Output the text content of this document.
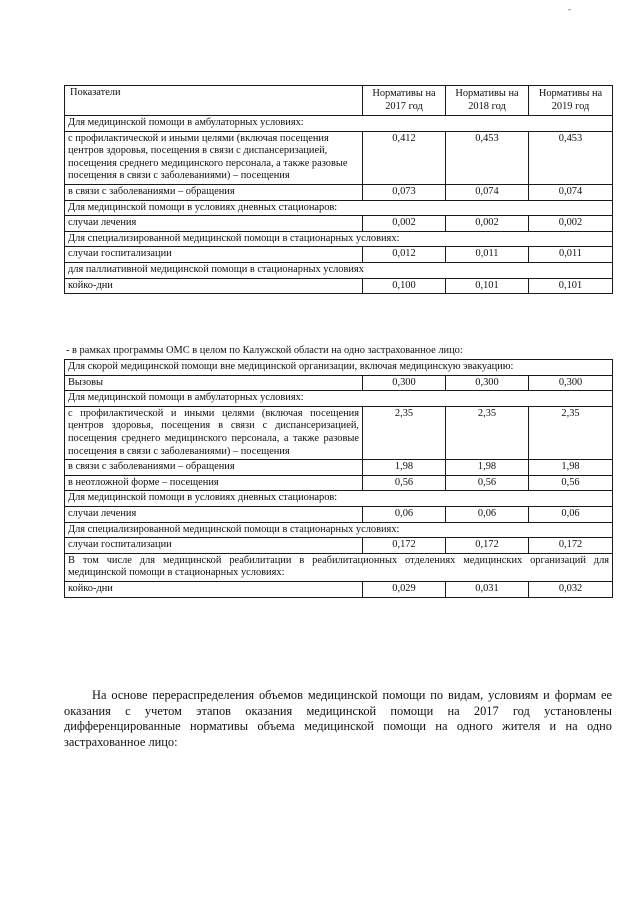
-
Показатели	Нормативы на 2017 год	Нормативы на 2018 год	Нормативы на 2019 год
Для медицинской помощи в амбулаторных условиях:			
с профилактической и иными целями (включая посещения центров здоровья, посещения в связи с диспансеризацией, посещения среднего медицинского персонала, а также разовые посещения в связи с заболеваниями) – посещения	0,412	0,453	0,453
в связи с заболеваниями – обращения	0,073	0,074	0,074
Для медицинской помощи в условиях дневных стационаров:			
случаи лечения	0,002	0,002	0,002
Для специализированной медицинской помощи в стационарных условиях:			
случаи госпитализации	0,012	0,011	0,011
для паллиативной медицинской помощи в стационарных условиях			
койко-дни	0,100	0,101	0,101
- в рамках программы ОМС в целом по Калужской области на одно застрахованное лицо:
Для скорой медицинской помощи вне медицинской организации, включая медицинскую эвакуацию:			
Вызовы	0,300	0,300	0,300
Для медицинской помощи в амбулаторных условиях:			
с профилактической и иными целями (включая посещения центров здоровья, посещения в связи с диспансеризацией, посещения среднего медицинского персонала, а также разовые посещения в связи с заболеваниями) – посещения	2,35	2,35	2,35
в связи с заболеваниями – обращения	1,98	1,98	1,98
в неотложной форме – посещения	0,56	0,56	0,56
Для медицинской помощи в условиях дневных стационаров:			
случаи лечения	0,06	0,06	0,06
Для специализированной медицинской помощи в стационарных условиях:			
случаи госпитализации	0,172	0,172	0,172
В том числе для медицинской реабилитации в реабилитационных отделениях медицинских организаций для медицинской помощи в стационарных условиях:			
койко-дни	0,029	0,031	0,032
На основе перераспределения объемов медицинской помощи по видам, условиям и формам ее оказания с учетом этапов оказания медицинской помощи на 2017 год установлены дифференцированные нормативы объема медицинской помощи на одного жителя и на одно застрахованное лицо:
